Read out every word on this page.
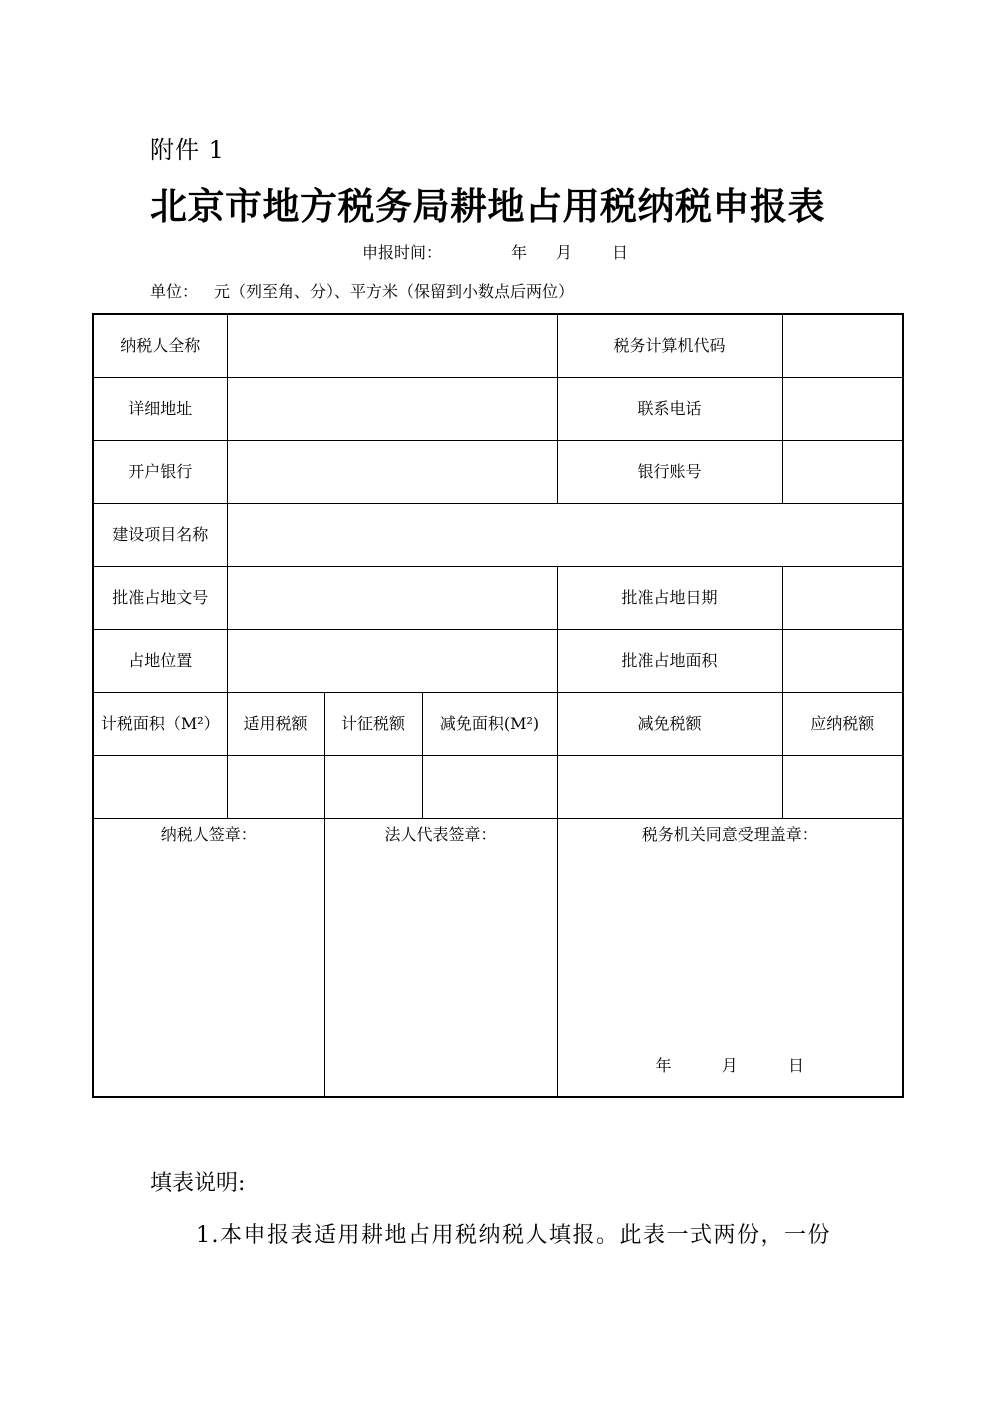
附件 1
北京市地方税务局耕地占用税纳税申报表
申报时间：	年 月 日
单位： 元（列至角、分）、平方米（保留到小数点后两位）
纳税人全称				税务计算机代码	
详细地址				联系电话	
开户银行				银行账号	
建设项目名称					
批准占地文号				批准占地日期	
占地位置				批准占地面积	
计税面积（M²）	适用税额	计征税额	减免面积(M²)	减免税额	应纳税额

纳税人签章：		法人代表签章：		税务机关同意受理盖章：
年 月 日	
填表说明:
1.本申报表适用耕地占用税纳税人填报。此表一式两份，一份
